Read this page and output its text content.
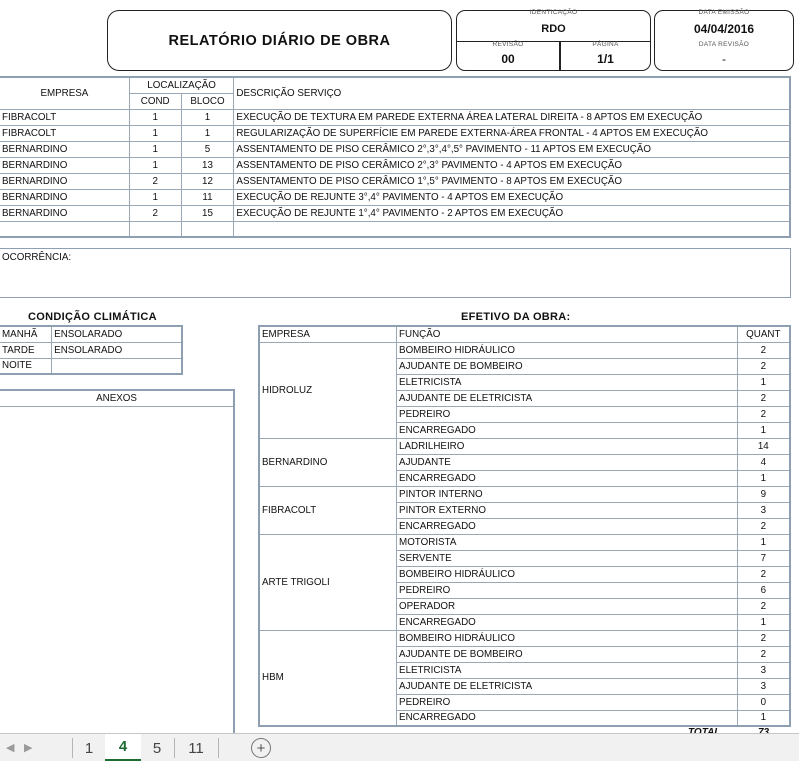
RELATÓRIO DIÁRIO DE OBRA
IDENTICAÇÃO
RDO
REVISÃO
00
PÁGINA
1/1
DATA EMISSÃO
04/04/2016
DATA REVISÃO
-
EMPRESA	LOCALIZAÇÃO		DESCRIÇÃO SERVIÇO
	COND	BLOCO	
FIBRACOLT	1	1	EXECUÇÃO DE TEXTURA EM PAREDE EXTERNA ÁREA LATERAL DIREITA - 8 APTOS EM EXECUÇÃO
FIBRACOLT	1	1	REGULARIZAÇÃO DE SUPERFÍCIE EM PAREDE EXTERNA-ÁREA FRONTAL - 4 APTOS EM EXECUÇÃO
BERNARDINO	1	5	ASSENTAMENTO DE PISO CERÂMICO 2°,3°,4°,5° PAVIMENTO - 11 APTOS EM EXECUÇÃO
BERNARDINO	1	13	ASSENTAMENTO DE PISO CERÂMICO 2°,3° PAVIMENTO - 4 APTOS EM EXECUÇÃO
BERNARDINO	2	12	ASSENTAMENTO DE PISO CERÂMICO 1°,5° PAVIMENTO - 8 APTOS EM EXECUÇÃO
BERNARDINO	1	11	EXECUÇÃO DE REJUNTE 3°,4° PAVIMENTO - 4 APTOS EM EXECUÇÃO
BERNARDINO	2	15	EXECUÇÃO DE REJUNTE 1°,4° PAVIMENTO - 2 APTOS EM EXECUÇÃO

OCORRÊNCIA:
CONDIÇÃO CLIMÁTICA
MANHÃ	ENSOLARADO
TARDE	ENSOLARADO
NOITE	
ANEXOS
EFETIVO DA OBRA:
EMPRESA	FUNÇÃO	QUANT
HIDROLUZ	BOMBEIRO HIDRÁULICO	2
	AJUDANTE DE BOMBEIRO	2
	ELETRICISTA	1
	AJUDANTE DE ELETRICISTA	2
	PEDREIRO	2
	ENCARREGADO	1
BERNARDINO	LADRILHEIRO	14
	AJUDANTE	4
	ENCARREGADO	1
FIBRACOLT	PINTOR INTERNO	9
	PINTOR EXTERNO	3
	ENCARREGADO	2
ARTE TRIGOLI	MOTORISTA	1
	SERVENTE	7
	BOMBEIRO HIDRÁULICO	2
	PEDREIRO	6
	OPERADOR	2
	ENCARREGADO	1
HBM	BOMBEIRO HIDRÁULICO	2
	AJUDANTE DE BOMBEIRO	2
	ELETRICISTA	3
	AJUDANTE DE ELETRICISTA	3
	PEDREIRO	0
	ENCARREGADO	1
◀ ▶	1	4	5	11	+
